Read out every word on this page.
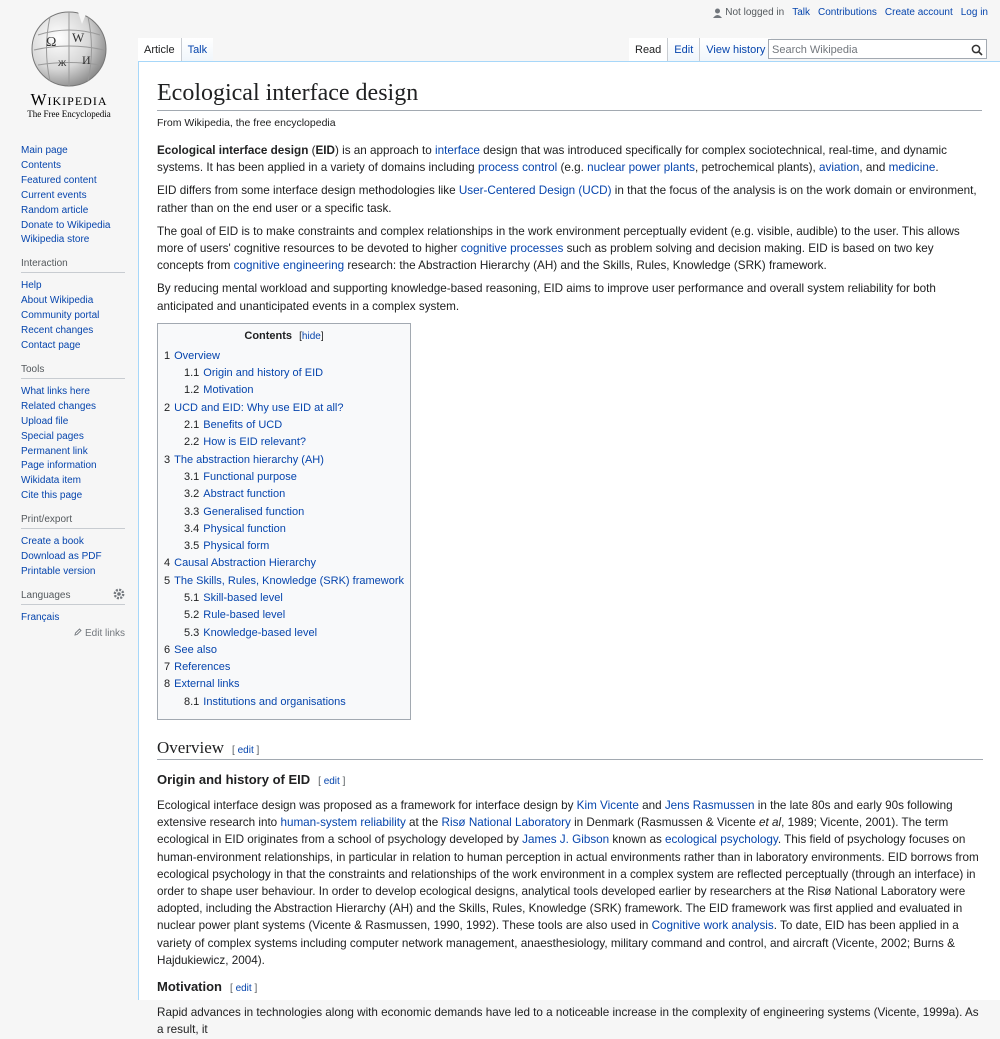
Ω W
ж И
Wikipedia
The Free Encyclopedia
Not logged in Talk Contributions Create account Log in
Article	Talk	Read	Edit	View history
Search Wikipedia
Main page
Contents
Featured content
Current events
Random article
Donate to Wikipedia
Wikipedia store
Interaction
Help
About Wikipedia
Community portal
Recent changes
Contact page
Tools
What links here
Related changes
Upload file
Special pages
Permanent link
Page information
Wikidata item
Cite this page
Print/export
Create a book
Download as PDF
Printable version
Languages
Français
Edit links
Ecological interface design
From Wikipedia, the free encyclopedia

Ecological interface design (EID) is an approach to interface design that was introduced specifically for complex sociotechnical, real-time, and dynamic systems. It has been applied in a variety of domains including process control (e.g. nuclear power plants, petrochemical plants), aviation, and medicine.

EID differs from some interface design methodologies like User-Centered Design (UCD) in that the focus of the analysis is on the work domain or environment, rather than on the end user or a specific task.

The goal of EID is to make constraints and complex relationships in the work environment perceptually evident (e.g. visible, audible) to the user. This allows more of users' cognitive resources to be devoted to higher cognitive processes such as problem solving and decision making. EID is based on two key concepts from cognitive engineering research: the Abstraction Hierarchy (AH) and the Skills, Rules, Knowledge (SRK) framework.

By reducing mental workload and supporting knowledge-based reasoning, EID aims to improve user performance and overall system reliability for both anticipated and unanticipated events in a complex system.

Contents [hide]
1 Overview
1.1 Origin and history of EID
1.2 Motivation
2 UCD and EID: Why use EID at all?
2.1 Benefits of UCD
2.2 How is EID relevant?
3 The abstraction hierarchy (AH)
3.1 Functional purpose
3.2 Abstract function
3.3 Generalised function
3.4 Physical function
3.5 Physical form
4 Causal Abstraction Hierarchy
5 The Skills, Rules, Knowledge (SRK) framework
5.1 Skill-based level
5.2 Rule-based level
5.3 Knowledge-based level
6 See also
7 References
8 External links
8.1 Institutions and organisations
Overview [ edit ]
Origin and history of EID [ edit ]

Ecological interface design was proposed as a framework for interface design by Kim Vicente and Jens Rasmussen in the late 80s and early 90s following extensive research into human-system reliability at the Risø National Laboratory in Denmark (Rasmussen & Vicente et al, 1989; Vicente, 2001). The term ecological in EID originates from a school of psychology developed by James J. Gibson known as ecological psychology. This field of psychology focuses on human-environment relationships, in particular in relation to human perception in actual environments rather than in laboratory environments. EID borrows from ecological psychology in that the constraints and relationships of the work environment in a complex system are reflected perceptually (through an interface) in order to shape user behaviour. In order to develop ecological designs, analytical tools developed earlier by researchers at the Risø National Laboratory were adopted, including the Abstraction Hierarchy (AH) and the Skills, Rules, Knowledge (SRK) framework. The EID framework was first applied and evaluated in nuclear power plant systems (Vicente & Rasmussen, 1990, 1992). These tools are also used in Cognitive work analysis. To date, EID has been applied in a variety of complex systems including computer network management, anaesthesiology, military command and control, and aircraft (Vicente, 2002; Burns & Hajdukiewicz, 2004).

Motivation [ edit ]

Rapid advances in technologies along with economic demands have led to a noticeable increase in the complexity of engineering systems (Vicente, 1999a). As a result, it
